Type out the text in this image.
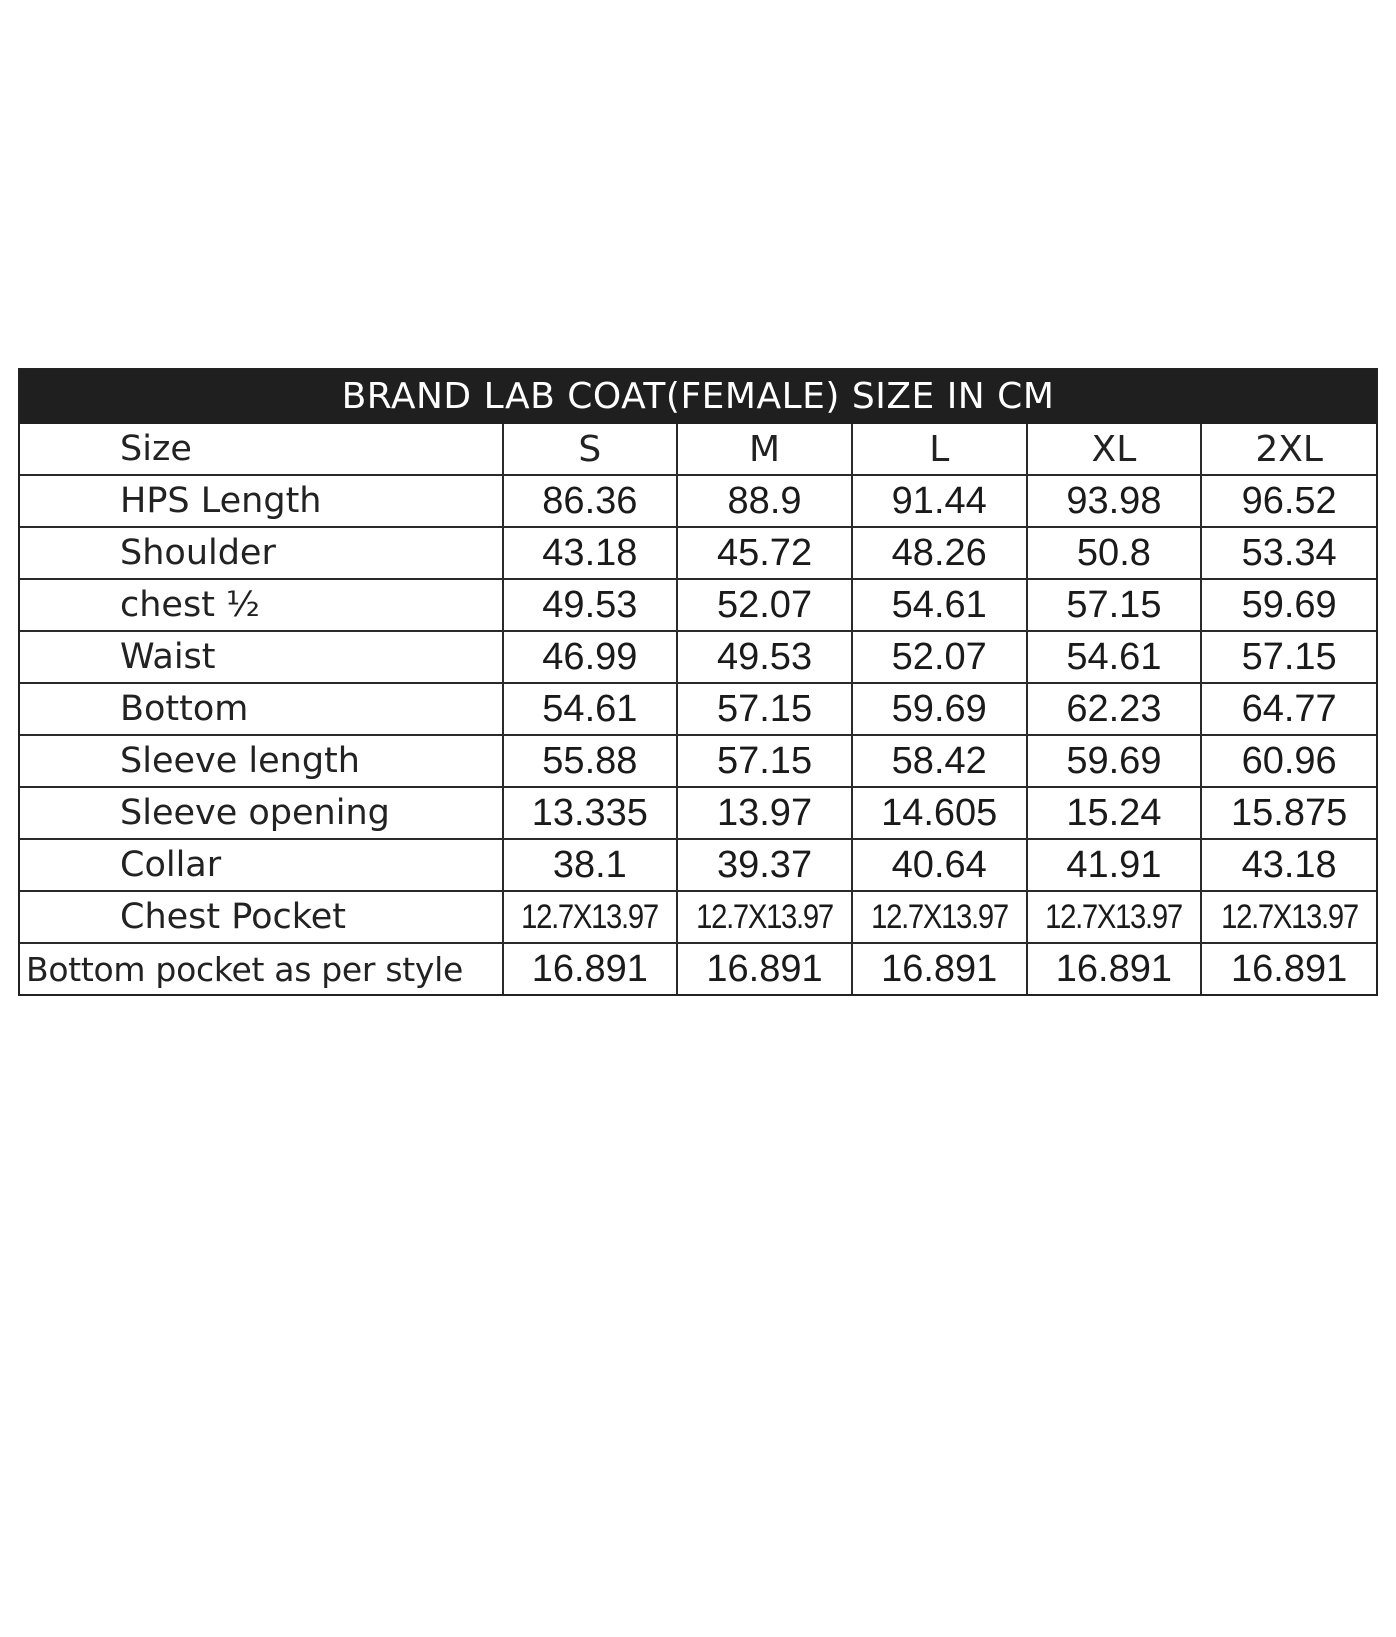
BRAND LAB COAT(FEMALE) SIZE IN CM
Size	S	M	L	XL	2XL
HPS Length	86.36	88.9	91.44	93.98	96.52
Shoulder	43.18	45.72	48.26	50.8	53.34
chest ½	49.53	52.07	54.61	57.15	59.69
Waist	46.99	49.53	52.07	54.61	57.15
Bottom	54.61	57.15	59.69	62.23	64.77
Sleeve length	55.88	57.15	58.42	59.69	60.96
Sleeve opening	13.335	13.97	14.605	15.24	15.875
Collar	38.1	39.37	40.64	41.91	43.18
Chest Pocket	12.7X13.97	12.7X13.97	12.7X13.97	12.7X13.97	12.7X13.97
Bottom pocket as per style	16.891	16.891	16.891	16.891	16.891
